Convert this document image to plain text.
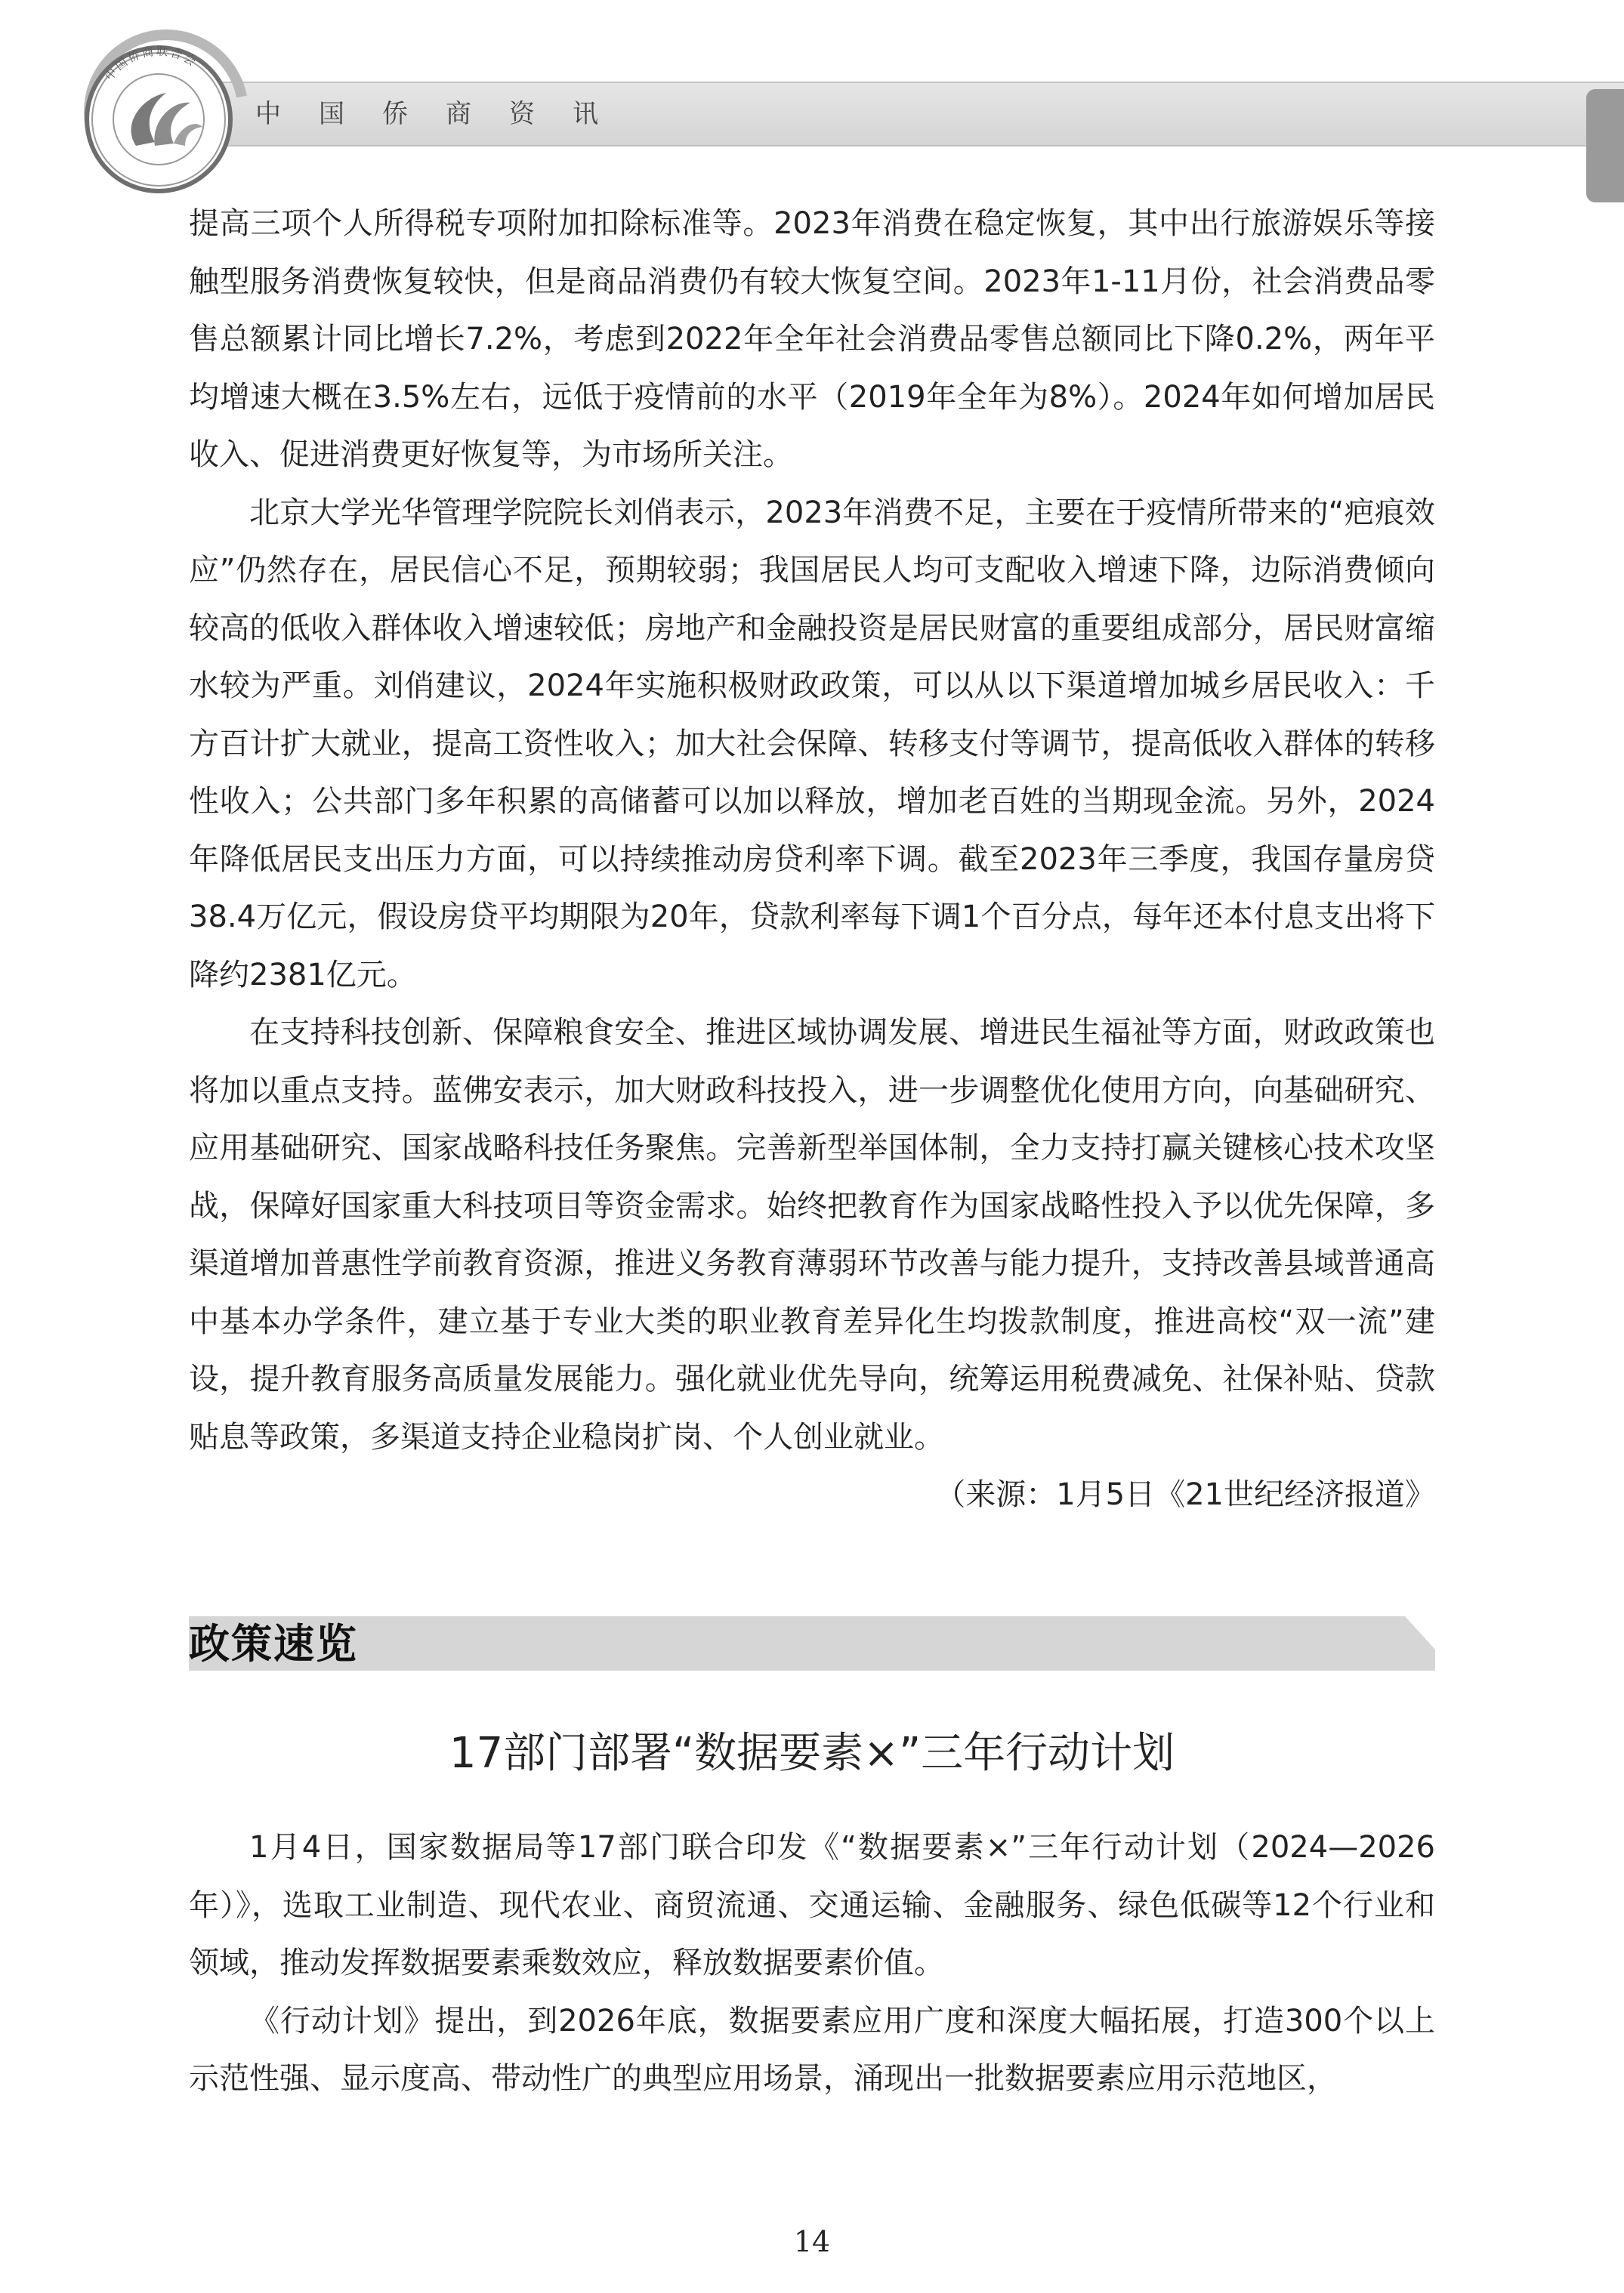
中国侨商资讯
中国侨商联合会

提高三项个人所得税专项附加扣除标准等。2023年消费在稳定恢复，其中出行旅游娱乐等接触型服务消费恢复较快，但是商品消费仍有较大恢复空间。2023年1-11月份，社会消费品零售总额累计同比增长7.2%，考虑到2022年全年社会消费品零售总额同比下降0.2%，两年平均增速大概在3.5%左右，远低于疫情前的水平（2019年全年为8%）。2024年如何增加居民收入、促进消费更好恢复等，为市场所关注。

北京大学光华管理学院院长刘俏表示，2023年消费不足，主要在于疫情所带来的“疤痕效应”仍然存在，居民信心不足，预期较弱；我国居民人均可支配收入增速下降，边际消费倾向较高的低收入群体收入增速较低；房地产和金融投资是居民财富的重要组成部分，居民财富缩水较为严重。刘俏建议，2024年实施积极财政政策，可以从以下渠道增加城乡居民收入：千方百计扩大就业，提高工资性收入；加大社会保障、转移支付等调节，提高低收入群体的转移性收入；公共部门多年积累的高储蓄可以加以释放，增加老百姓的当期现金流。另外，2024年降低居民支出压力方面，可以持续推动房贷利率下调。截至2023年三季度，我国存量房贷38.4万亿元，假设房贷平均期限为20年，贷款利率每下调1个百分点，每年还本付息支出将下降约2381亿元。

在支持科技创新、保障粮食安全、推进区域协调发展、增进民生福祉等方面，财政政策也将加以重点支持。蓝佛安表示，加大财政科技投入，进一步调整优化使用方向，向基础研究、应用基础研究、国家战略科技任务聚焦。完善新型举国体制，全力支持打赢关键核心技术攻坚战，保障好国家重大科技项目等资金需求。始终把教育作为国家战略性投入予以优先保障，多渠道增加普惠性学前教育资源，推进义务教育薄弱环节改善与能力提升，支持改善县域普通高中基本办学条件，建立基于专业大类的职业教育差异化生均拨款制度，推进高校“双一流”建设，提升教育服务高质量发展能力。强化就业优先导向，统筹运用税费减免、社保补贴、贷款贴息等政策，多渠道支持企业稳岗扩岗、个人创业就业。

（来源：1月5日《21世纪经济报道》

政策速览
17部门部署“数据要素×”三年行动计划

1月4日，国家数据局等17部门联合印发《“数据要素×”三年行动计划（2024—2026年）》，选取工业制造、现代农业、商贸流通、交通运输、金融服务、绿色低碳等12个行业和领域，推动发挥数据要素乘数效应，释放数据要素价值。

《行动计划》提出，到2026年底，数据要素应用广度和深度大幅拓展，打造300个以上示范性强、显示度高、带动性广的典型应用场景，涌现出一批数据要素应用示范地区，

14
